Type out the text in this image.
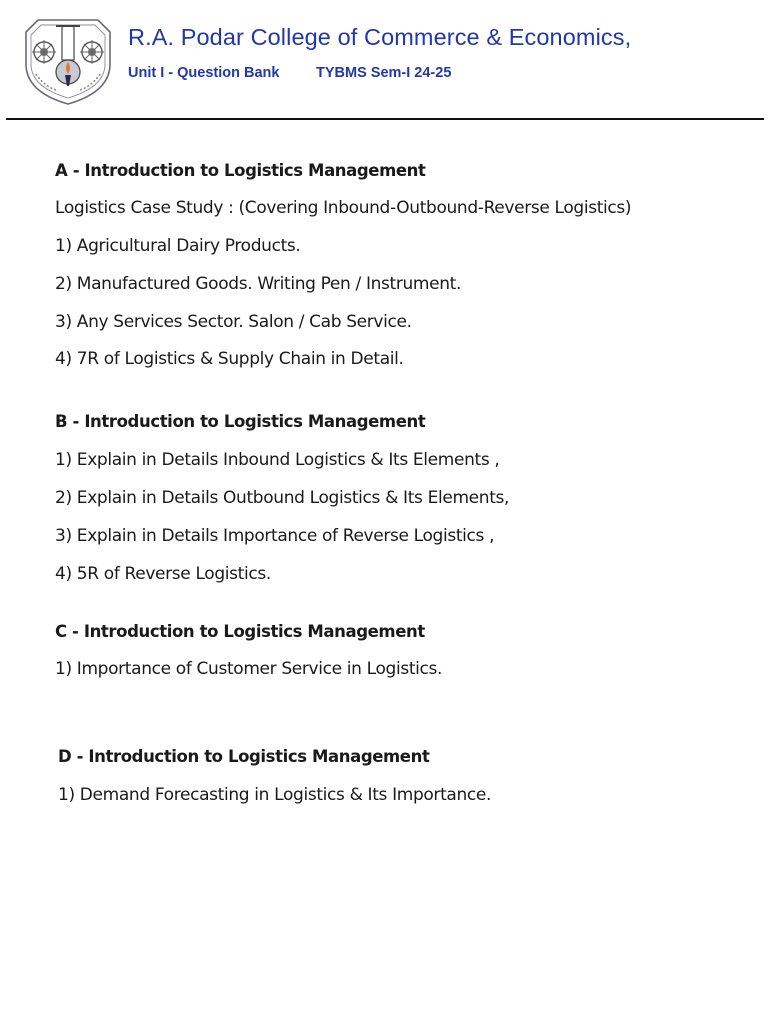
R.A. Podar College of Commerce & Economics,
Unit I - Question Bank	TYBMS Sem-I 24-25
A - Introduction to Logistics Management
Logistics Case Study : (Covering Inbound-Outbound-Reverse Logistics)
1) Agricultural Dairy Products.
2) Manufactured Goods. Writing Pen / Instrument.
3) Any Services Sector. Salon / Cab Service.
4) 7R of Logistics & Supply Chain in Detail.
B - Introduction to Logistics Management
1) Explain in Details Inbound Logistics & Its Elements ,
2) Explain in Details Outbound Logistics & Its Elements,
3) Explain in Details Importance of Reverse Logistics ,
4) 5R of Reverse Logistics.
C - Introduction to Logistics Management
1) Importance of Customer Service in Logistics.
D - Introduction to Logistics Management
1) Demand Forecasting in Logistics & Its Importance.
